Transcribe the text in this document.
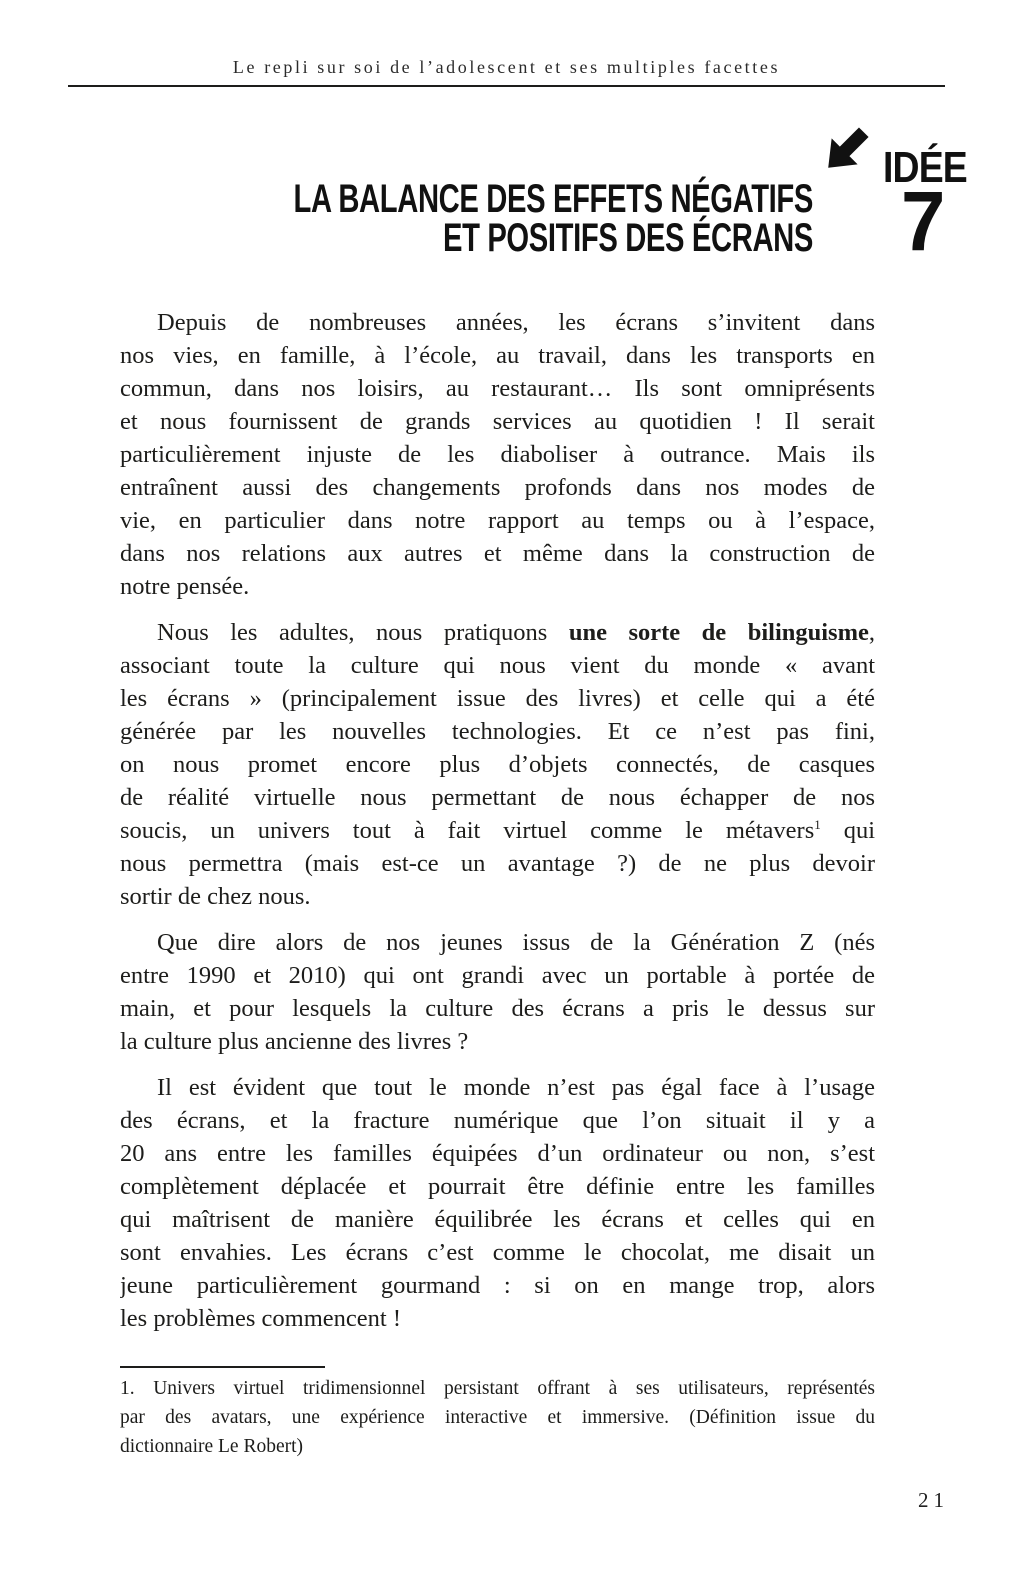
Le repli sur soi de l’adolescent et ses multiples facettes
IDÉE
7
LA BALANCE DES EFFETS NÉGATIFS
ET POSITIFS DES ÉCRANS
Depuis de nombreuses années, les écrans s’invitent dans
nos vies, en famille, à l’école, au travail, dans les transports en
commun, dans nos loisirs, au restaurant… Ils sont omniprésents
et nous fournissent de grands services au quotidien ! Il serait
particulièrement injuste de les diaboliser à outrance. Mais ils
entraînent aussi des changements profonds dans nos modes de
vie, en particulier dans notre rapport au temps ou à l’espace,
dans nos relations aux autres et même dans la construction de
notre pensée.
Nous les adultes, nous pratiquons une sorte de bilinguisme,
associant toute la culture qui nous vient du monde « avant
les écrans » (principalement issue des livres) et celle qui a été
générée par les nouvelles technologies. Et ce n’est pas fini,
on nous promet encore plus d’objets connectés, de casques
de réalité virtuelle nous permettant de nous échapper de nos
soucis, un univers tout à fait virtuel comme le métavers$^1$ qui
nous permettra (mais est-ce un avantage ?) de ne plus devoir
sortir de chez nous.
Que dire alors de nos jeunes issus de la Génération Z (nés
entre 1990 et 2010) qui ont grandi avec un portable à portée de
main, et pour lesquels la culture des écrans a pris le dessus sur
la culture plus ancienne des livres ?
Il est évident que tout le monde n’est pas égal face à l’usage
des écrans, et la fracture numérique que l’on situait il y a
20 ans entre les familles équipées d’un ordinateur ou non, s’est
complètement déplacée et pourrait être définie entre les familles
qui maîtrisent de manière équilibrée les écrans et celles qui en
sont envahies. Les écrans c’est comme le chocolat, me disait un
jeune particulièrement gourmand : si on en mange trop, alors
les problèmes commencent !
1. Univers virtuel tridimensionnel persistant offrant à ses utilisateurs, représentés
par des avatars, une expérience interactive et immersive. (Définition issue du
dictionnaire Le Robert)
21
